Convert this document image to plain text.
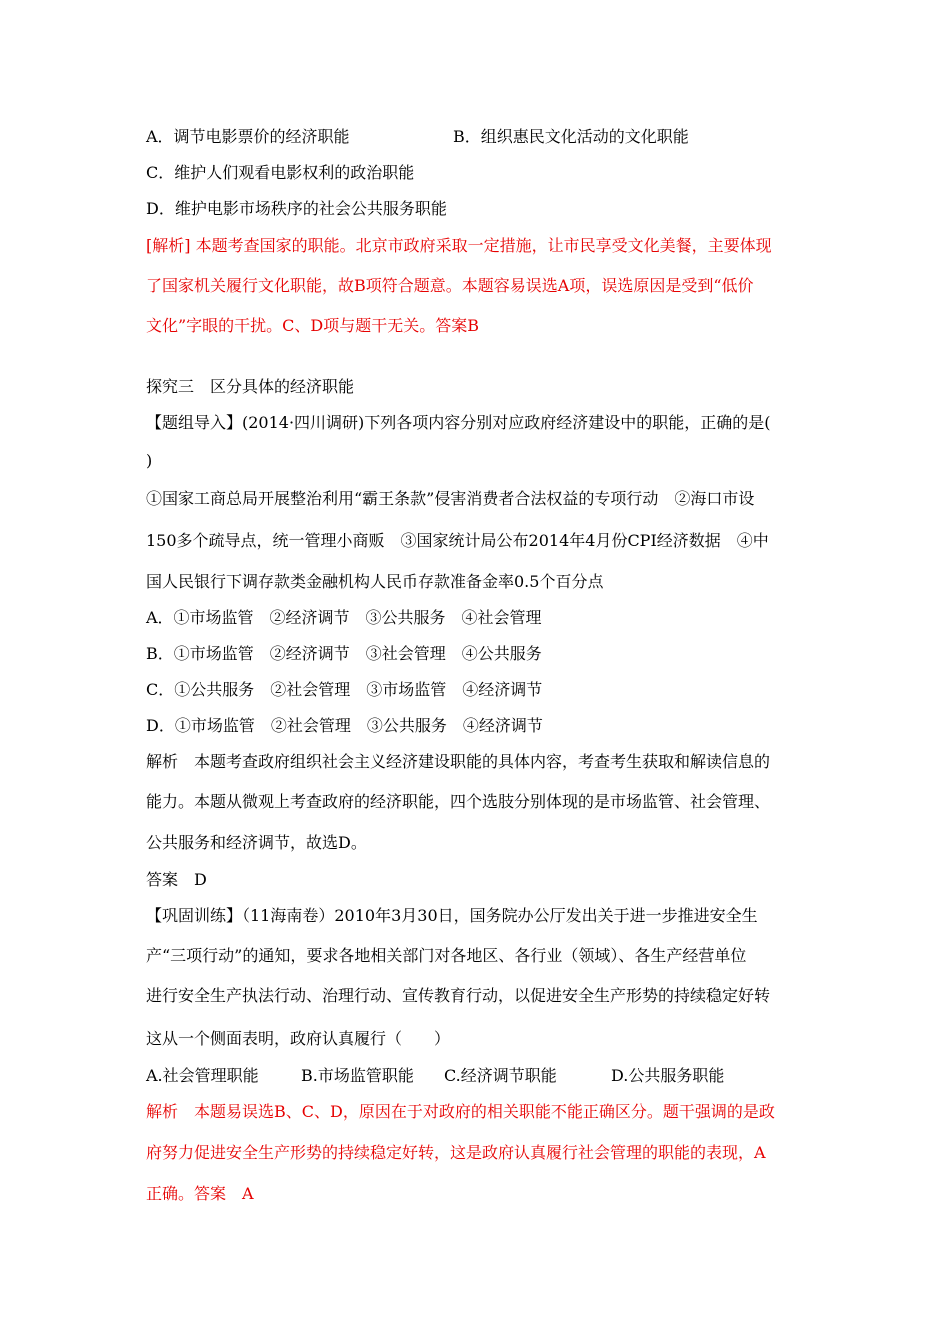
A．调节电影票价的经济职能	B．组织惠民文化活动的文化职能
C．维护人们观看电影权利的政治职能
D．维护电影市场秩序的社会公共服务职能
[解析] 本题考查国家的职能。北京市政府采取一定措施，让市民享受文化美餐，主要体现
了国家机关履行文化职能，故B项符合题意。本题容易误选A项，误选原因是受到“低价
文化”字眼的干扰。C、D项与题干无关。答案B
探究三　区分具体的经济职能
【题组导入】(2014·四川调研)下列各项内容分别对应政府经济建设中的职能，正确的是(
)
①国家工商总局开展整治利用“霸王条款”侵害消费者合法权益的专项行动　②海口市设
150多个疏导点，统一管理小商贩　③国家统计局公布2014年4月份CPI经济数据　④中
国人民银行下调存款类金融机构人民币存款准备金率0.5个百分点
A．①市场监管　②经济调节　③公共服务　④社会管理
B．①市场监管　②经济调节　③社会管理　④公共服务
C．①公共服务　②社会管理　③市场监管　④经济调节
D．①市场监管　②社会管理　③公共服务　④经济调节
解析　本题考查政府组织社会主义经济建设职能的具体内容，考查考生获取和解读信息的
能力。本题从微观上考查政府的经济职能，四个选肢分别体现的是市场监管、社会管理、
公共服务和经济调节，故选D。
答案　D
【巩固训练】（11海南卷）2010年3月30日，国务院办公厅发出关于进一步推进安全生
产“三项行动”的通知，要求各地相关部门对各地区、各行业（领域）、各生产经营单位
进行安全生产执法行动、治理行动、宣传教育行动，以促进安全生产形势的持续稳定好转
这从一个侧面表明，政府认真履行（　　）
A.社会管理职能	B.市场监管职能 C.经济调节职能	D.公共服务职能
解析　本题易误选B、C、D，原因在于对政府的相关职能不能正确区分。题干强调的是政
府努力促进安全生产形势的持续稳定好转，这是政府认真履行社会管理的职能的表现，A
正确。答案　A
